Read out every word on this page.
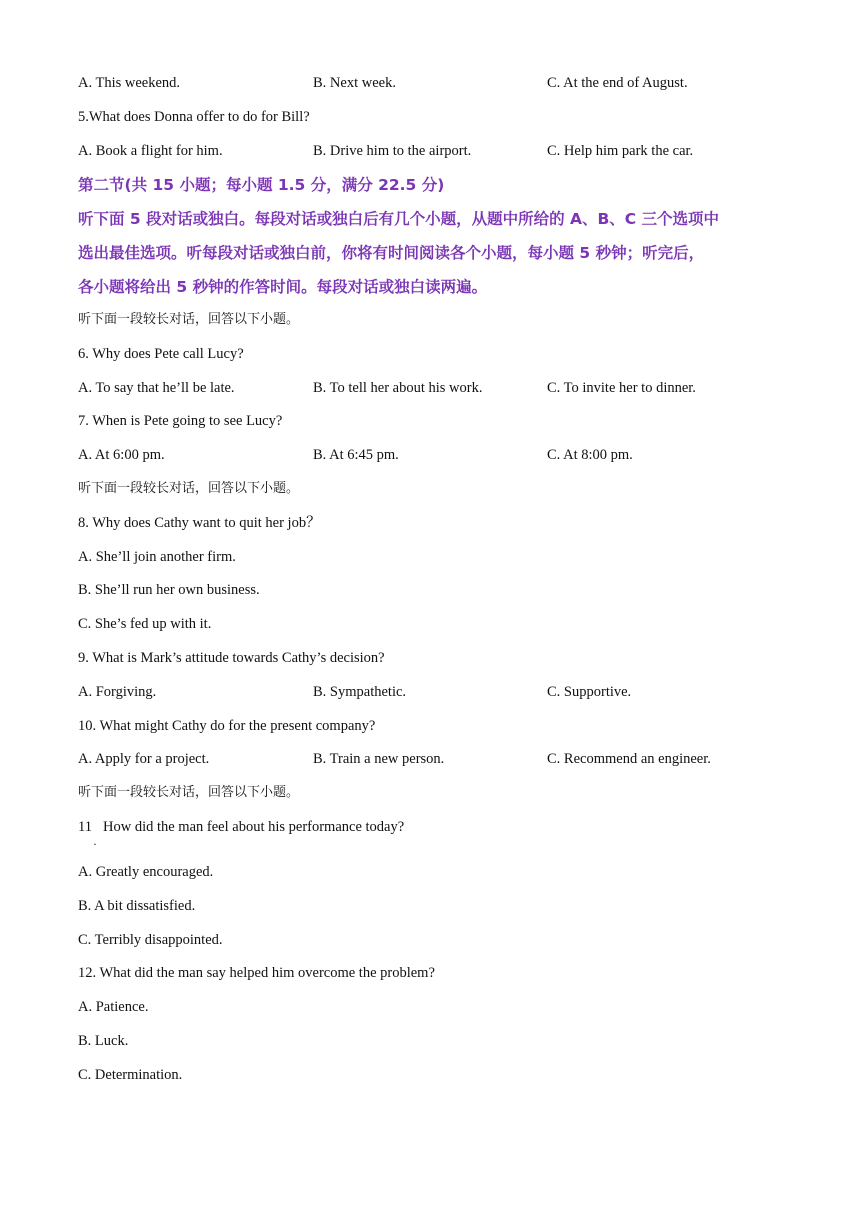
A. This weekend.	B. Next week.	C. At the end of August.
5.What does Donna offer to do for Bill?
A. Book a flight for him.	B. Drive him to the airport.	C. Help him park the car.
第二节(共 15 小题；每小题 1.5 分，满分 22.5 分)
听下面 5 段对话或独白。每段对话或独白后有几个小题，从题中所给的 A、B、C 三个选项中
选出最佳选项。听每段对话或独白前，你将有时间阅读各个小题，每小题 5 秒钟；听完后，
各小题将给出 5 秒钟的作答时间。每段对话或独白读两遍。
听下面一段较长对话，回答以下小题。
6. Why does Pete call Lucy?
A. To say that he’ll be late.	B. To tell her about his work.	C. To invite her to dinner.
7. When is Pete going to see Lucy?
A. At 6:00 pm.	B. At 6:45 pm.	C. At 8:00 pm.
听下面一段较长对话，回答以下小题。
8. Why does Cathy want to quit her job？
A. She’ll join another firm.
B. She’ll run her own business.
C. She’s fed up with it.
9. What is Mark’s attitude towards Cathy’s decision?
A. Forgiving.	B. Sympathetic.	C. Supportive.
10. What might Cathy do for the present company?
A. Apply for a project.	B. Train a new person.	C. Recommend an engineer.
听下面一段较长对话，回答以下小题。
11 How did the man feel about his performance today?
·
A. Greatly encouraged.
B. A bit dissatisfied.
C. Terribly disappointed.
12. What did the man say helped him overcome the problem?
A. Patience.
B. Luck.
C. Determination.
